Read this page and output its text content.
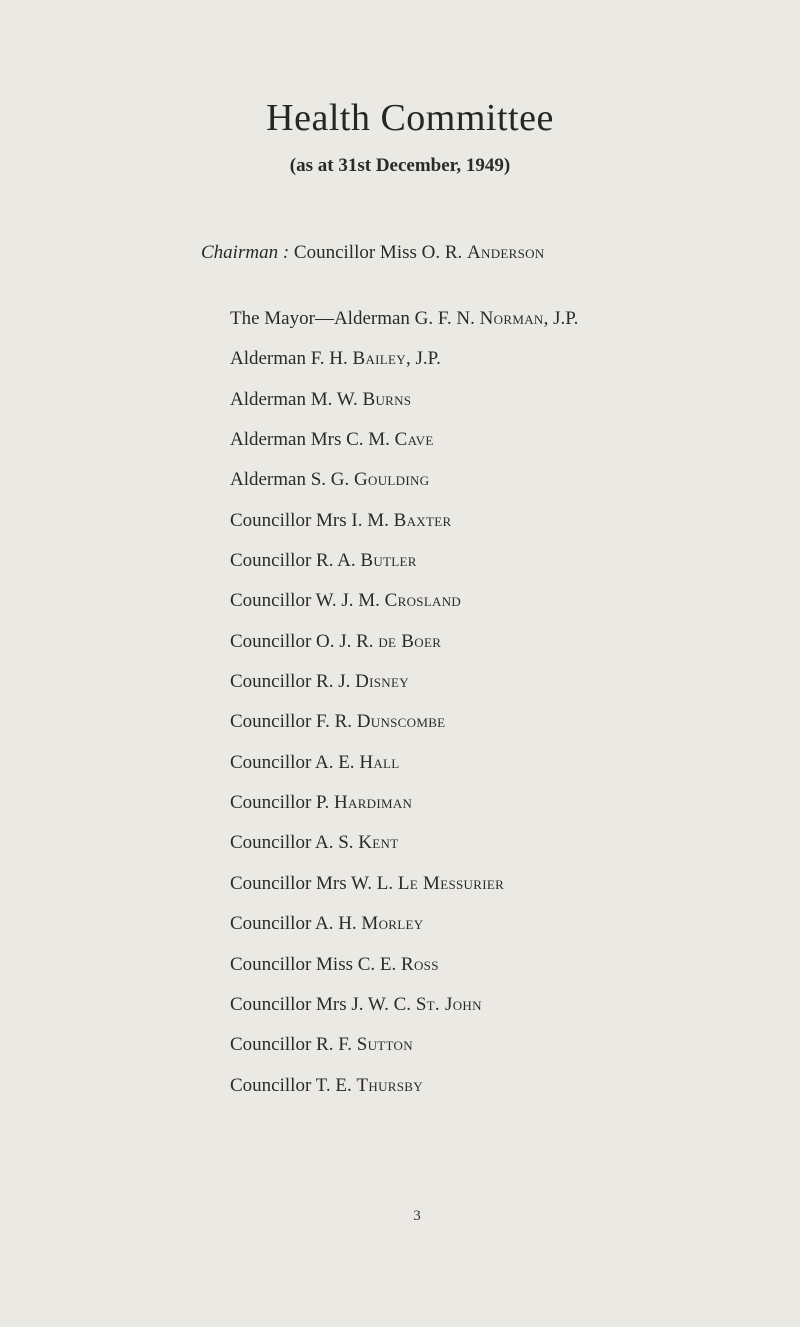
Health Committee
(as at 31st December, 1949)
Chairman : Councillor Miss O. R. Anderson
The Mayor—Alderman G. F. N. Norman, J.P.
Alderman F. H. Bailey, J.P.
Alderman M. W. Burns
Alderman Mrs C. M. Cave
Alderman S. G. Goulding
Councillor Mrs I. M. Baxter
Councillor R. A. Butler
Councillor W. J. M. Crosland
Councillor O. J. R. de Boer
Councillor R. J. Disney
Councillor F. R. Dunscombe
Councillor A. E. Hall
Councillor P. Hardiman
Councillor A. S. Kent
Councillor Mrs W. L. Le Messurier
Councillor A. H. Morley
Councillor Miss C. E. Ross
Councillor Mrs J. W. C. St. John
Councillor R. F. Sutton
Councillor T. E. Thursby
3
